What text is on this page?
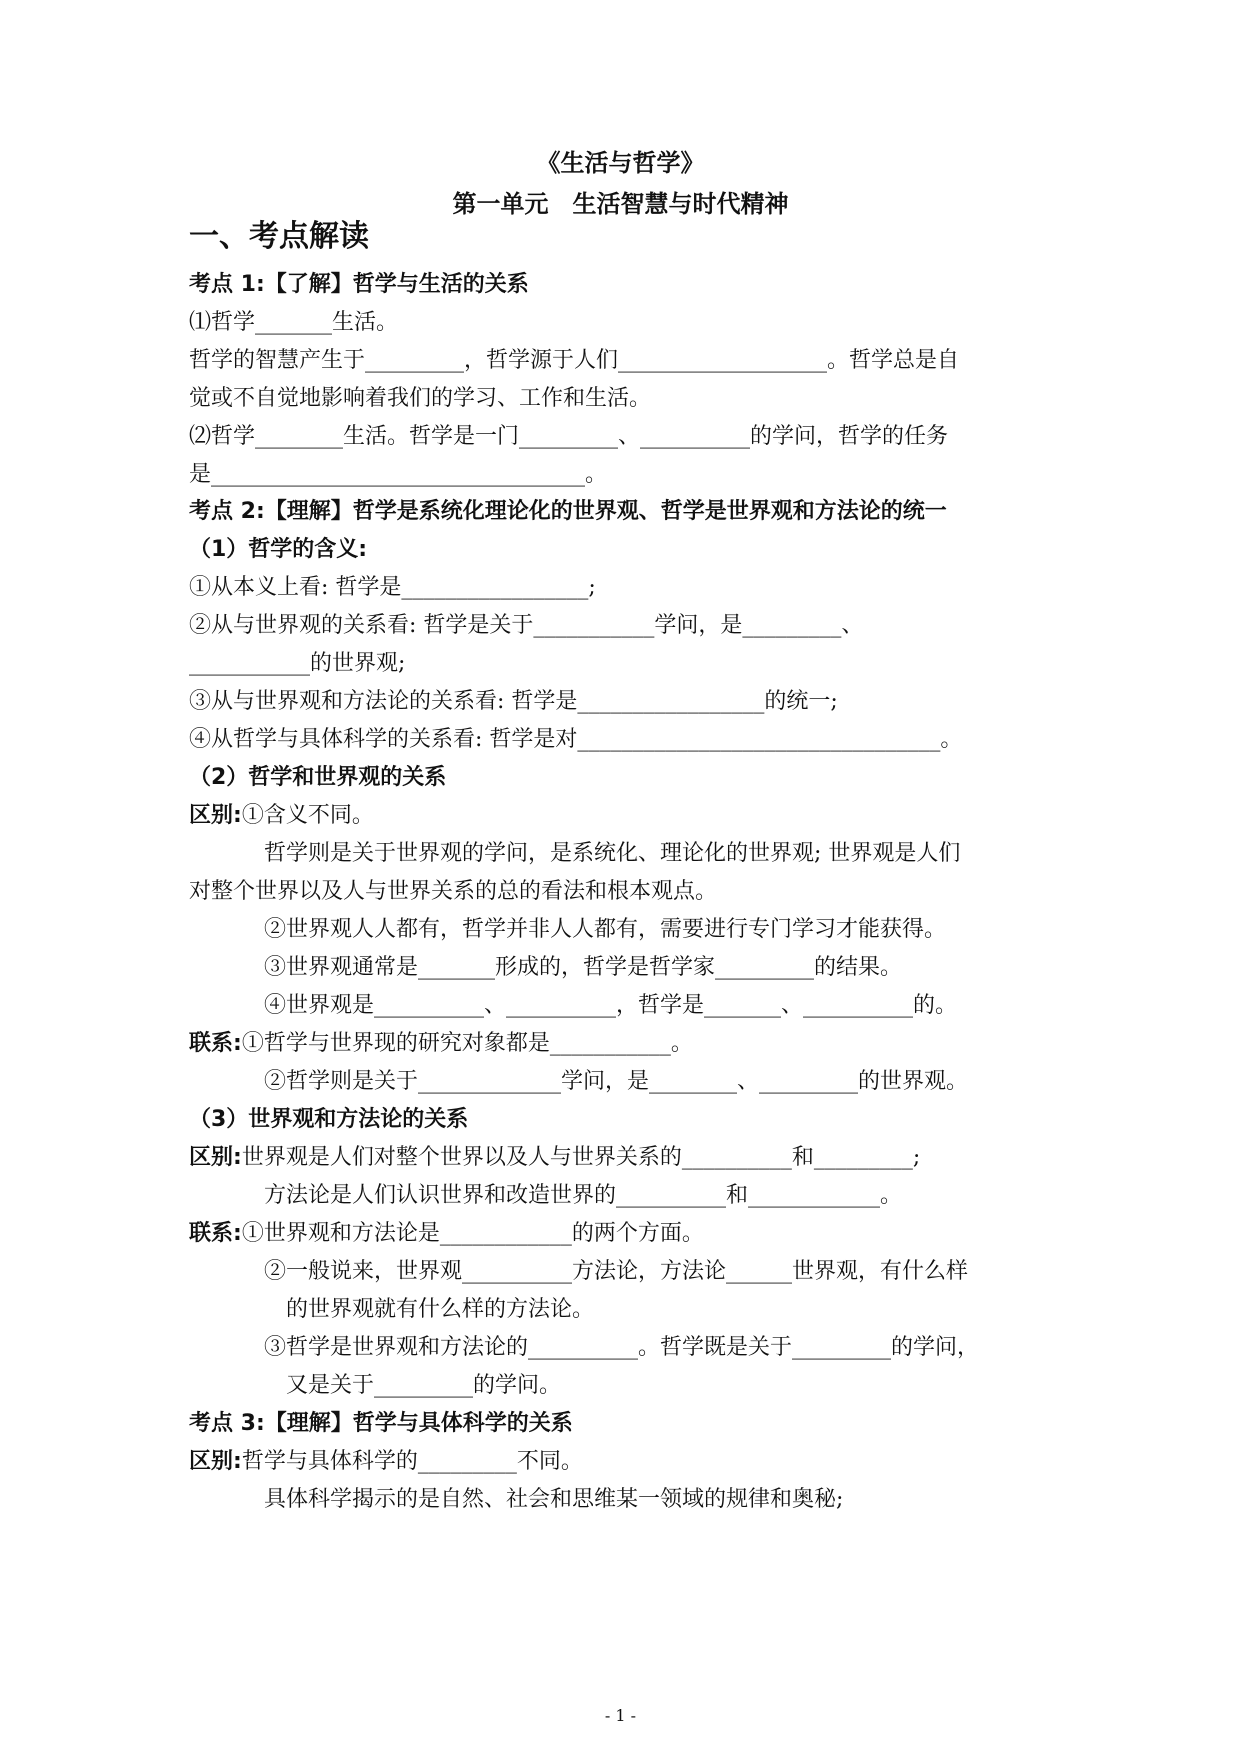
《生活与哲学》
第一单元　生活智慧与时代精神
一、考点解读
考点 1:【了解】哲学与生活的关系
⑴哲学_______生活。
哲学的智慧产生于_________，哲学源于人们___________________。哲学总是自
觉或不自觉地影响着我们的学习、工作和生活。
⑵哲学________生活。哲学是一门_________、__________的学问，哲学的任务
是__________________________________。
考点 2:【理解】哲学是系统化理论化的世界观、哲学是世界观和方法论的统一
（1）哲学的含义:
①从本义上看: 哲学是_________________;
②从与世界观的关系看: 哲学是关于___________学问，是_________、
___________的世界观;
③从与世界观和方法论的关系看: 哲学是_________________的统一;
④从哲学与具体科学的关系看: 哲学是对_________________________________。
（2）哲学和世界观的关系
区别:①含义不同。
哲学则是关于世界观的学问，是系统化、理论化的世界观; 世界观是人们
对整个世界以及人与世界关系的总的看法和根本观点。
②世界观人人都有，哲学并非人人都有，需要进行专门学习才能获得。
③世界观通常是_______形成的，哲学是哲学家_________的结果。
④世界观是__________、__________，哲学是_______、__________的。
联系:①哲学与世界现的研究对象都是___________。
②哲学则是关于_____________学问，是________、_________的世界观。
（3）世界观和方法论的关系
区别:世界观是人们对整个世界以及人与世界关系的__________和_________;
方法论是人们认识世界和改造世界的__________和____________。
联系:①世界观和方法论是____________的两个方面。
②一般说来，世界观__________方法论，方法论______世界观，有什么样
的世界观就有什么样的方法论。
③哲学是世界观和方法论的__________。哲学既是关于_________的学问，
又是关于_________的学问。
考点 3:【理解】哲学与具体科学的关系
区别:哲学与具体科学的_________不同。
具体科学揭示的是自然、社会和思维某一领域的规律和奥秘;
- 1 -
